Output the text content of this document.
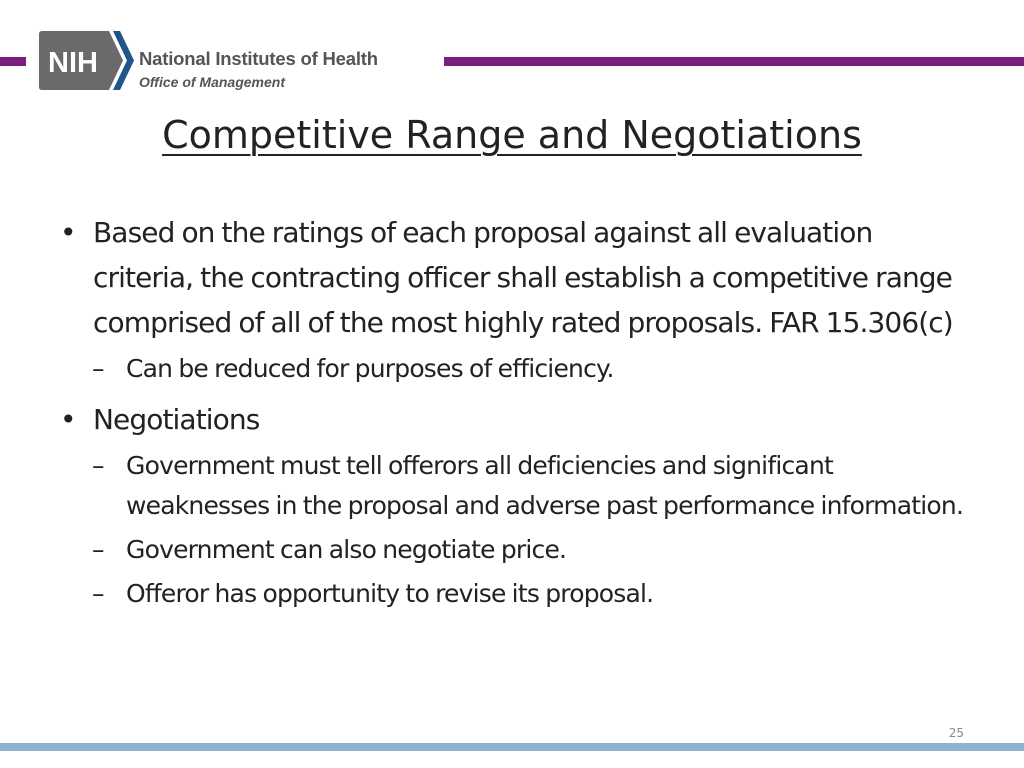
NIH National Institutes of Health
Office of Management
Competitive Range and Negotiations
• Based on the ratings of each proposal against all evaluation criteria, the contracting officer shall establish a competitive range comprised of all of the most highly rated proposals. FAR 15.306(c)
– Can be reduced for purposes of efficiency.
• Negotiations
– Government must tell offerors all deficiencies and significant weaknesses in the proposal and adverse past performance information.
– Government can also negotiate price.
– Offeror has opportunity to revise its proposal.
25
